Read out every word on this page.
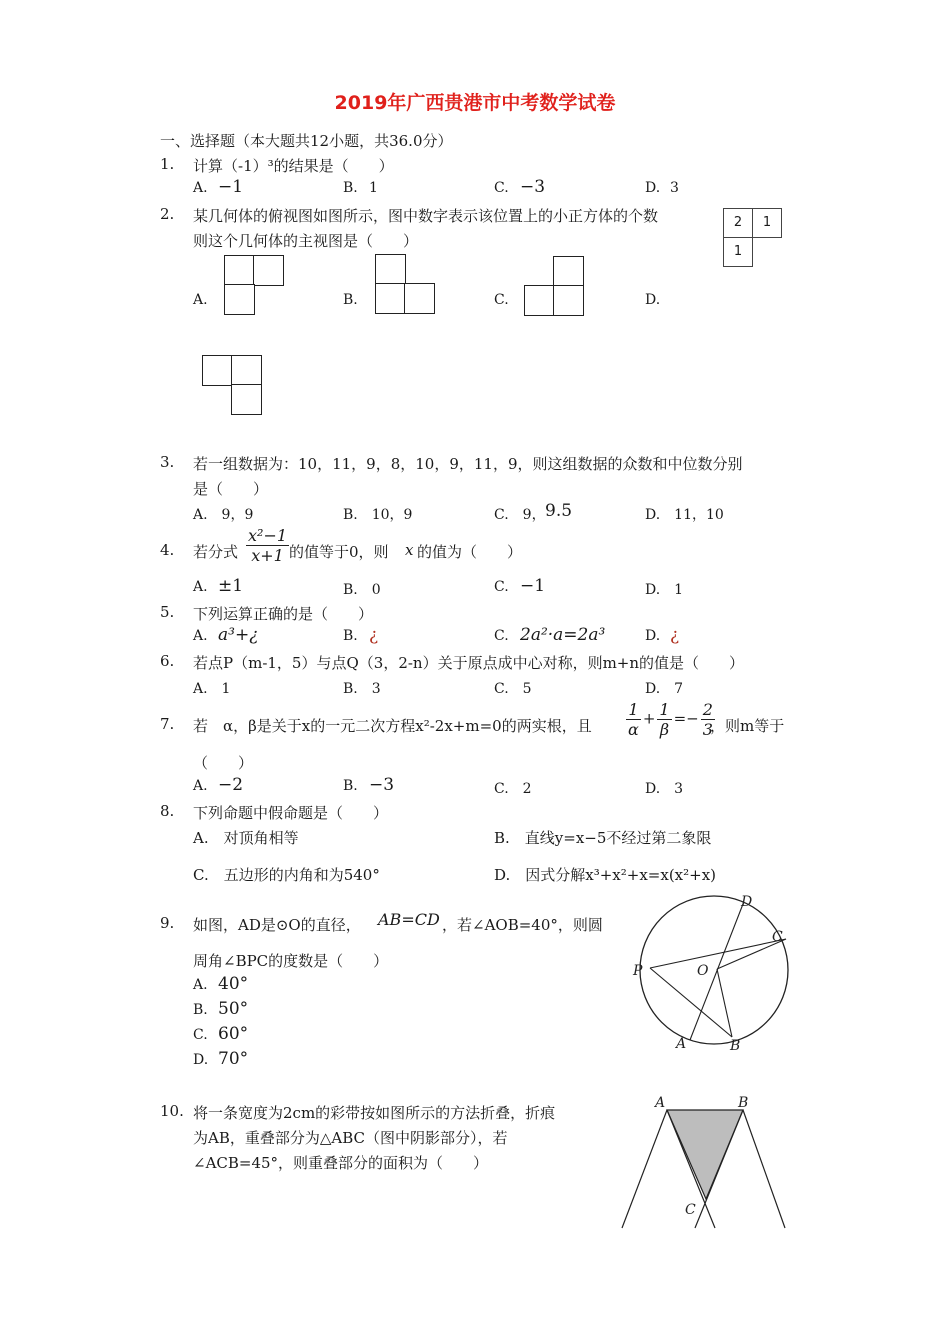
2019年广西贵港市中考数学试卷
一、选择题（本大题共12小题，共36.0分）
1. 计算（-1）³的结果是（　　）
A. −1	B. 1	C. −3	D. 3
2. 某几何体的俯视图如图所示，图中数字表示该位置上的小正方体的个数
则这个几何体的主视图是（　　）
2	1
1
A.	B.	C.	D.
3. 若一组数据为：10，11，9，8，10，9，11，9，则这组数据的众数和中位数分别
是（　　）
A.　9，9	B.　10，9	C.　9， 9.5	D.　11，10
4. 若分式 $\frac{\text{x²−1}}{x+1}$ 的值等于0，则 x 的值为（　　）
A. ±1	B.　0	C. −1	D.　1
5. 下列运算正确的是（　　）
A. a³+¿	B. ¿	C. 2a²·a=2a³	D. ¿
6. 若点P（m-1，5）与点Q（3，2-n）关于原点成中心对称，则m+n的值是（　　）
A.　1	B.　3	C.　5	D.　7
7. 若　α，β是关于x的一元二次方程x²-2x+m=0的两实根，且 $\frac{1}{\alpha} + \frac{1}{\beta} =- \frac{2}{3}$
，则m等于
（　　）
A. −2	B. −3	C.　2	D.　3
8. 下列命题中假命题是（　　）
A.　对顶角相等	B.　直线y=x−5不经过第二象限
C.　五边形的内角和为540°	D.　因式分解x³+x²+x=x(x²+x)
9. 如图，AD是⊙O的直径， AB=CD ，若∠AOB=40°，则圆
周角∠BPC的度数是（　　）
A. 40°
B. 50°
C. 60°
D. 70°
D
C
P	O
A	B
10. 将一条宽度为2cm的彩带按如图所示的方法折叠，折痕
为AB，重叠部分为△ABC（图中阴影部分），若
∠ACB=45°，则重叠部分的面积为（　　）
A	B
C
